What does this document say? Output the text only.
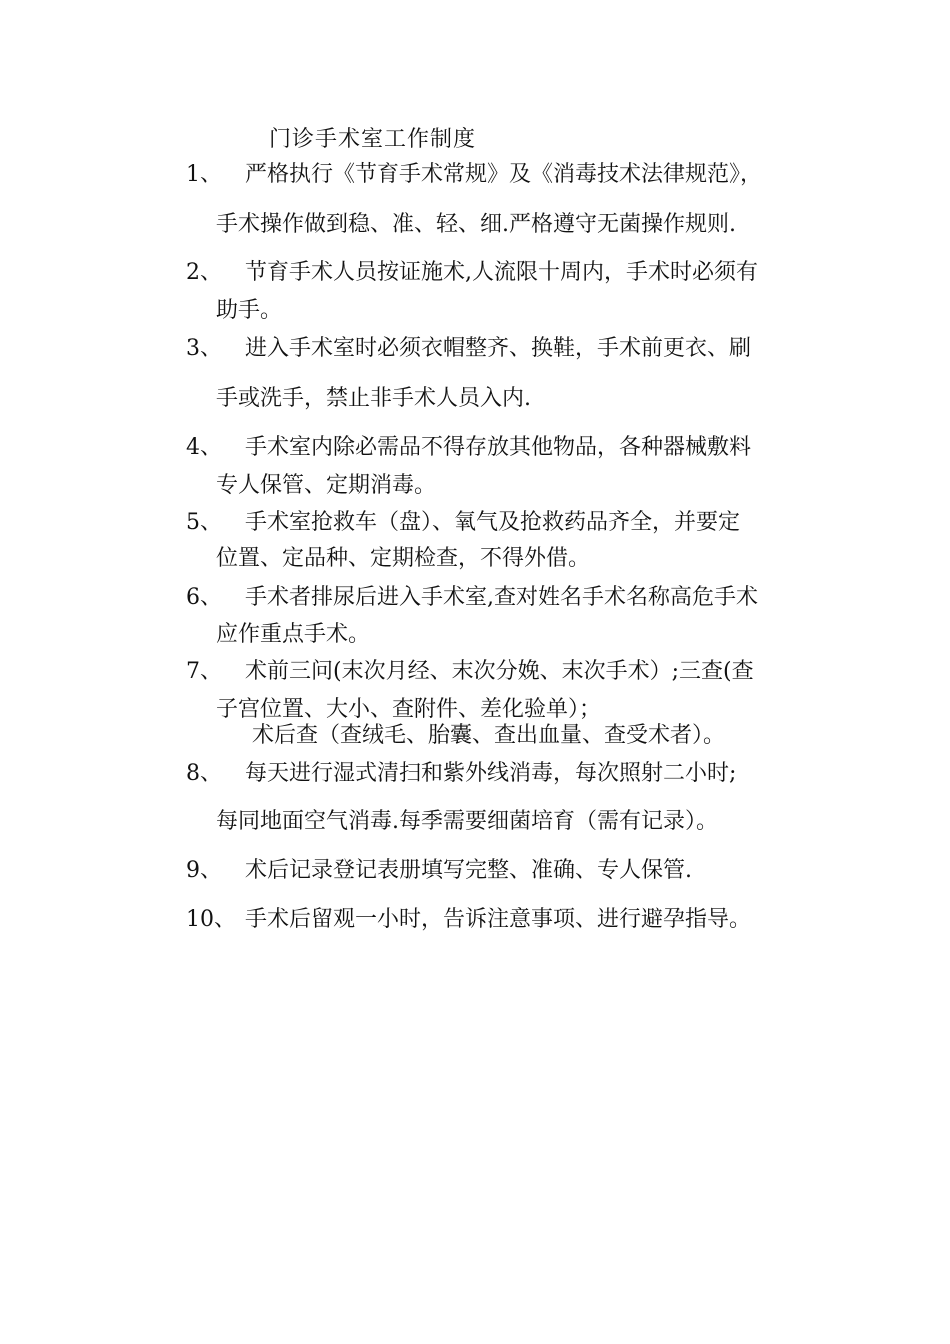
门诊手术室工作制度
1、 严格执行《节育手术常规》及《消毒技术法律规范》，
手术操作做到稳、准、轻、细.严格遵守无菌操作规则.
2、 节育手术人员按证施术,人流限十周内，手术时必须有
助手。
3、 进入手术室时必须衣帽整齐、换鞋，手术前更衣、刷
手或洗手，禁止非手术人员入内.
4、 手术室内除必需品不得存放其他物品，各种器械敷料
专人保管、定期消毒。
5、 手术室抢救车（盘）、氧气及抢救药品齐全，并要定
位置、定品种、定期检查，不得外借。
6、 手术者排尿后进入手术室,查对姓名手术名称高危手术
应作重点手术。
7、 术前三问(末次月经、末次分娩、末次手术）;三查(查
子宫位置、大小、查附件、差化验单）；
术后查（查绒毛、胎囊、查出血量、查受术者）。
8、 每天进行湿式清扫和紫外线消毒，每次照射二小时;
每同地面空气消毒.每季需要细菌培育（需有记录）。
9、 术后记录登记表册填写完整、准确、专人保管.
10、 手术后留观一小时，告诉注意事项、进行避孕指导。
